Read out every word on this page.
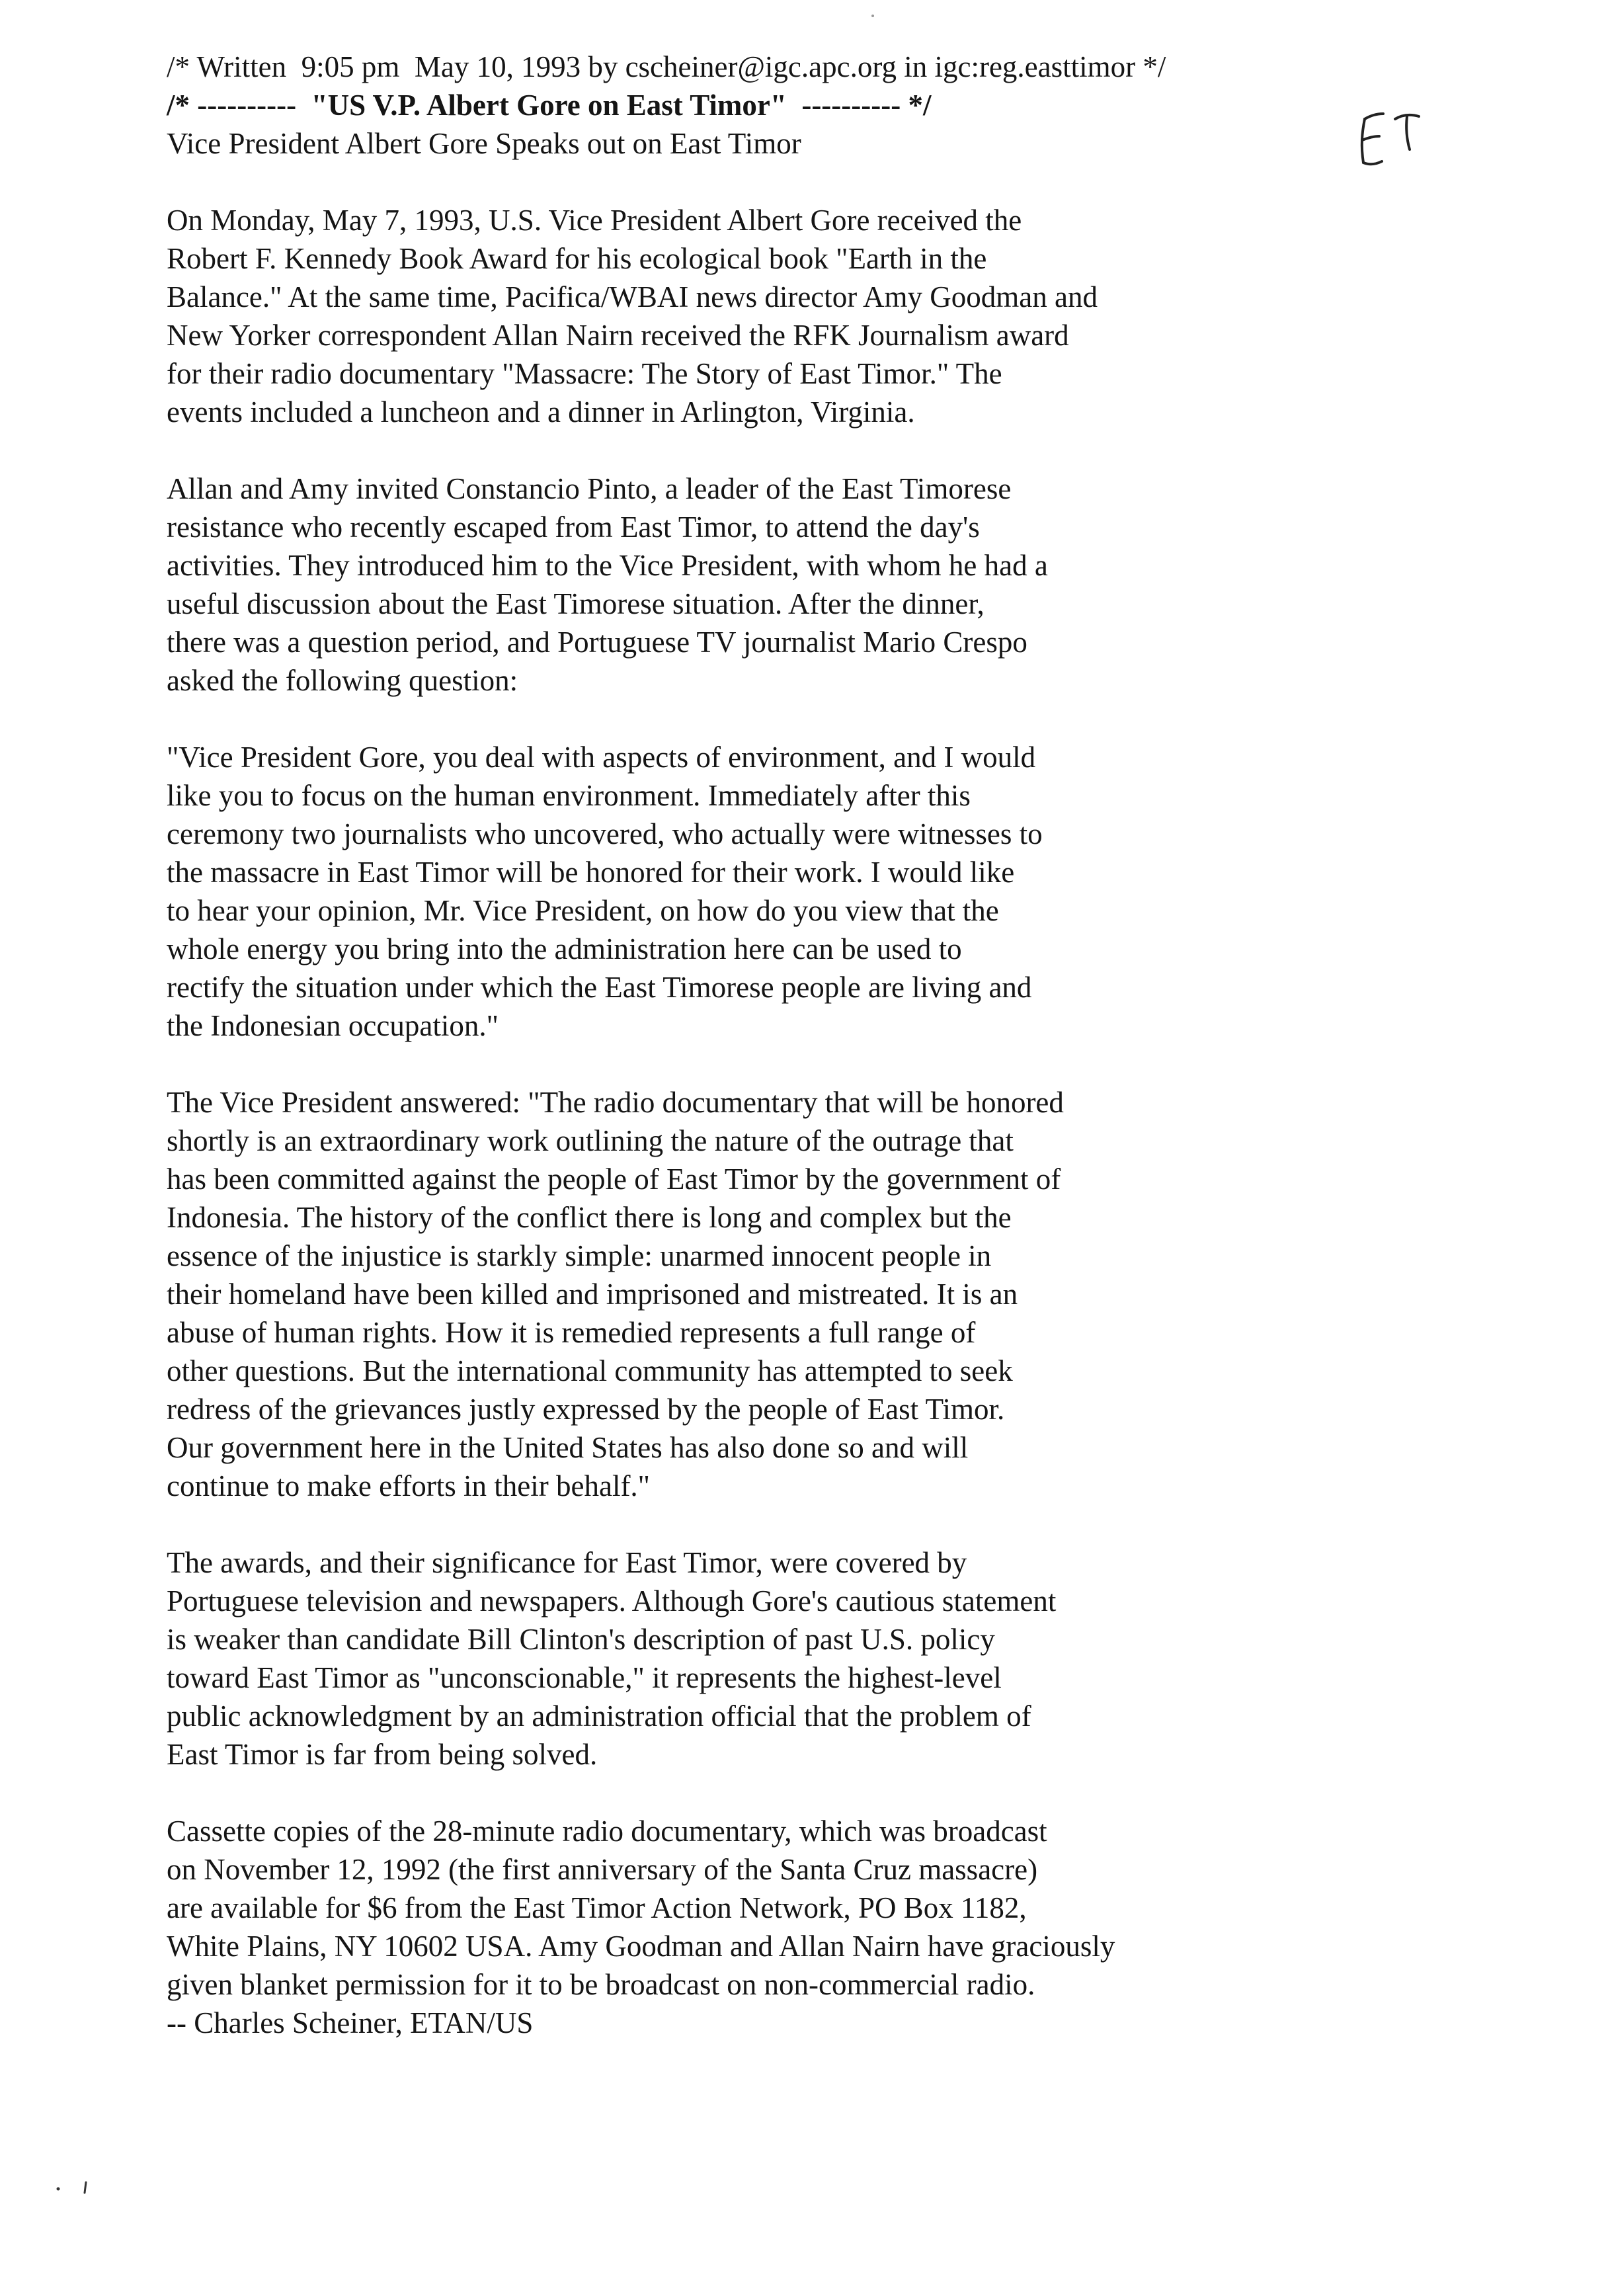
/* Written  9:05 pm  May 10, 1993 by cscheiner@igc.apc.org in igc:reg.easttimor */

/* ----------  "US V.P. Albert Gore on East Timor"  ---------- */

Vice President Albert Gore Speaks out on East Timor

On Monday, May 7, 1993, U.S. Vice President Albert Gore received the

Robert F. Kennedy Book Award for his ecological book "Earth in the

Balance." At the same time, Pacifica/WBAI news director Amy Goodman and

New Yorker correspondent Allan Nairn received the RFK Journalism award

for their radio documentary "Massacre: The Story of East Timor." The

events included a luncheon and a dinner in Arlington, Virginia.

Allan and Amy invited Constancio Pinto, a leader of the East Timorese

resistance who recently escaped from East Timor, to attend the day's

activities. They introduced him to the Vice President, with whom he had a

useful discussion about the East Timorese situation. After the dinner,

there was a question period, and Portuguese TV journalist Mario Crespo

asked the following question:

"Vice President Gore, you deal with aspects of environment, and I would

like you to focus on the human environment. Immediately after this

ceremony two journalists who uncovered, who actually were witnesses to

the massacre in East Timor will be honored for their work. I would like

to hear your opinion, Mr. Vice President, on how do you view that the

whole energy you bring into the administration here can be used to

rectify the situation under which the East Timorese people are living and

the Indonesian occupation."

The Vice President answered: "The radio documentary that will be honored

shortly is an extraordinary work outlining the nature of the outrage that

has been committed against the people of East Timor by the government of

Indonesia. The history of the conflict there is long and complex but the

essence of the injustice is starkly simple: unarmed innocent people in

their homeland have been killed and imprisoned and mistreated. It is an

abuse of human rights. How it is remedied represents a full range of

other questions. But the international community has attempted to seek

redress of the grievances justly expressed by the people of East Timor.

Our government here in the United States has also done so and will

continue to make efforts in their behalf."

The awards, and their significance for East Timor, were covered by

Portuguese television and newspapers. Although Gore's cautious statement

is weaker than candidate Bill Clinton's description of past U.S. policy

toward East Timor as "unconscionable," it represents the highest-level

public acknowledgment by an administration official that the problem of

East Timor is far from being solved.

Cassette copies of the 28-minute radio documentary, which was broadcast

on November 12, 1992 (the first anniversary of the Santa Cruz massacre)

are available for $6 from the East Timor Action Network, PO Box 1182,

White Plains, NY 10602 USA. Amy Goodman and Allan Nairn have graciously

given blanket permission for it to be broadcast on non-commercial radio.

-- Charles Scheiner, ETAN/US
